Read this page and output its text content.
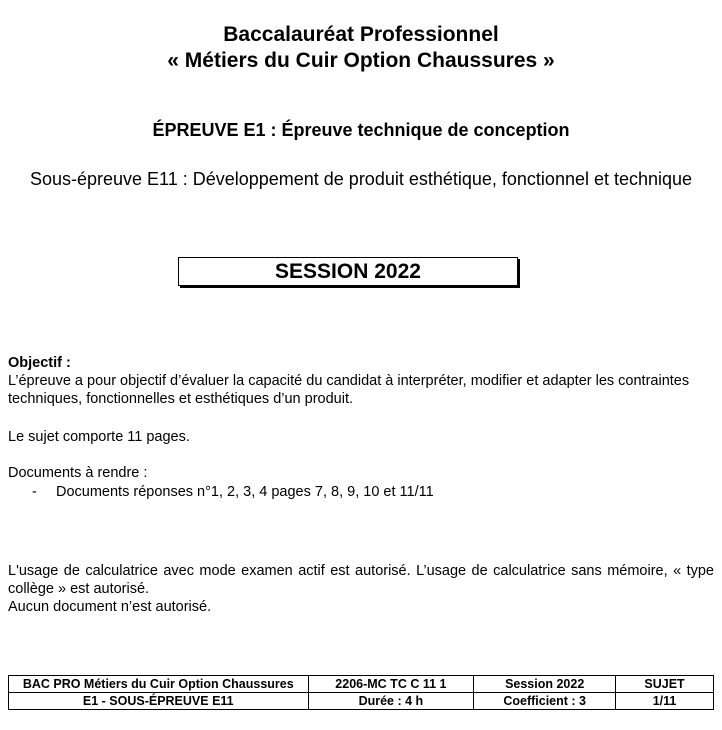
Baccalauréat Professionnel
« Métiers du Cuir Option Chaussures »
ÉPREUVE E1 : Épreuve technique de conception
Sous-épreuve E11 : Développement de produit esthétique, fonctionnel et technique
SESSION 2022
Objectif :
L’épreuve a pour objectif d’évaluer la capacité du candidat à interpréter, modifier et adapter les contraintes techniques, fonctionnelles et esthétiques d’un produit.
Le sujet comporte 11 pages.
Documents à rendre :
- Documents réponses n°1, 2, 3, 4 pages 7, 8, 9, 10 et 11/11
L'usage de calculatrice avec mode examen actif est autorisé. L’usage de calculatrice sans mémoire, « type collège » est autorisé.
Aucun document n’est autorisé.
BAC PRO Métiers du Cuir Option Chaussures	2206-MC TC C 11 1	Session 2022	SUJET
E1 - SOUS-ÉPREUVE E11	Durée : 4 h	Coefficient : 3	1/11
